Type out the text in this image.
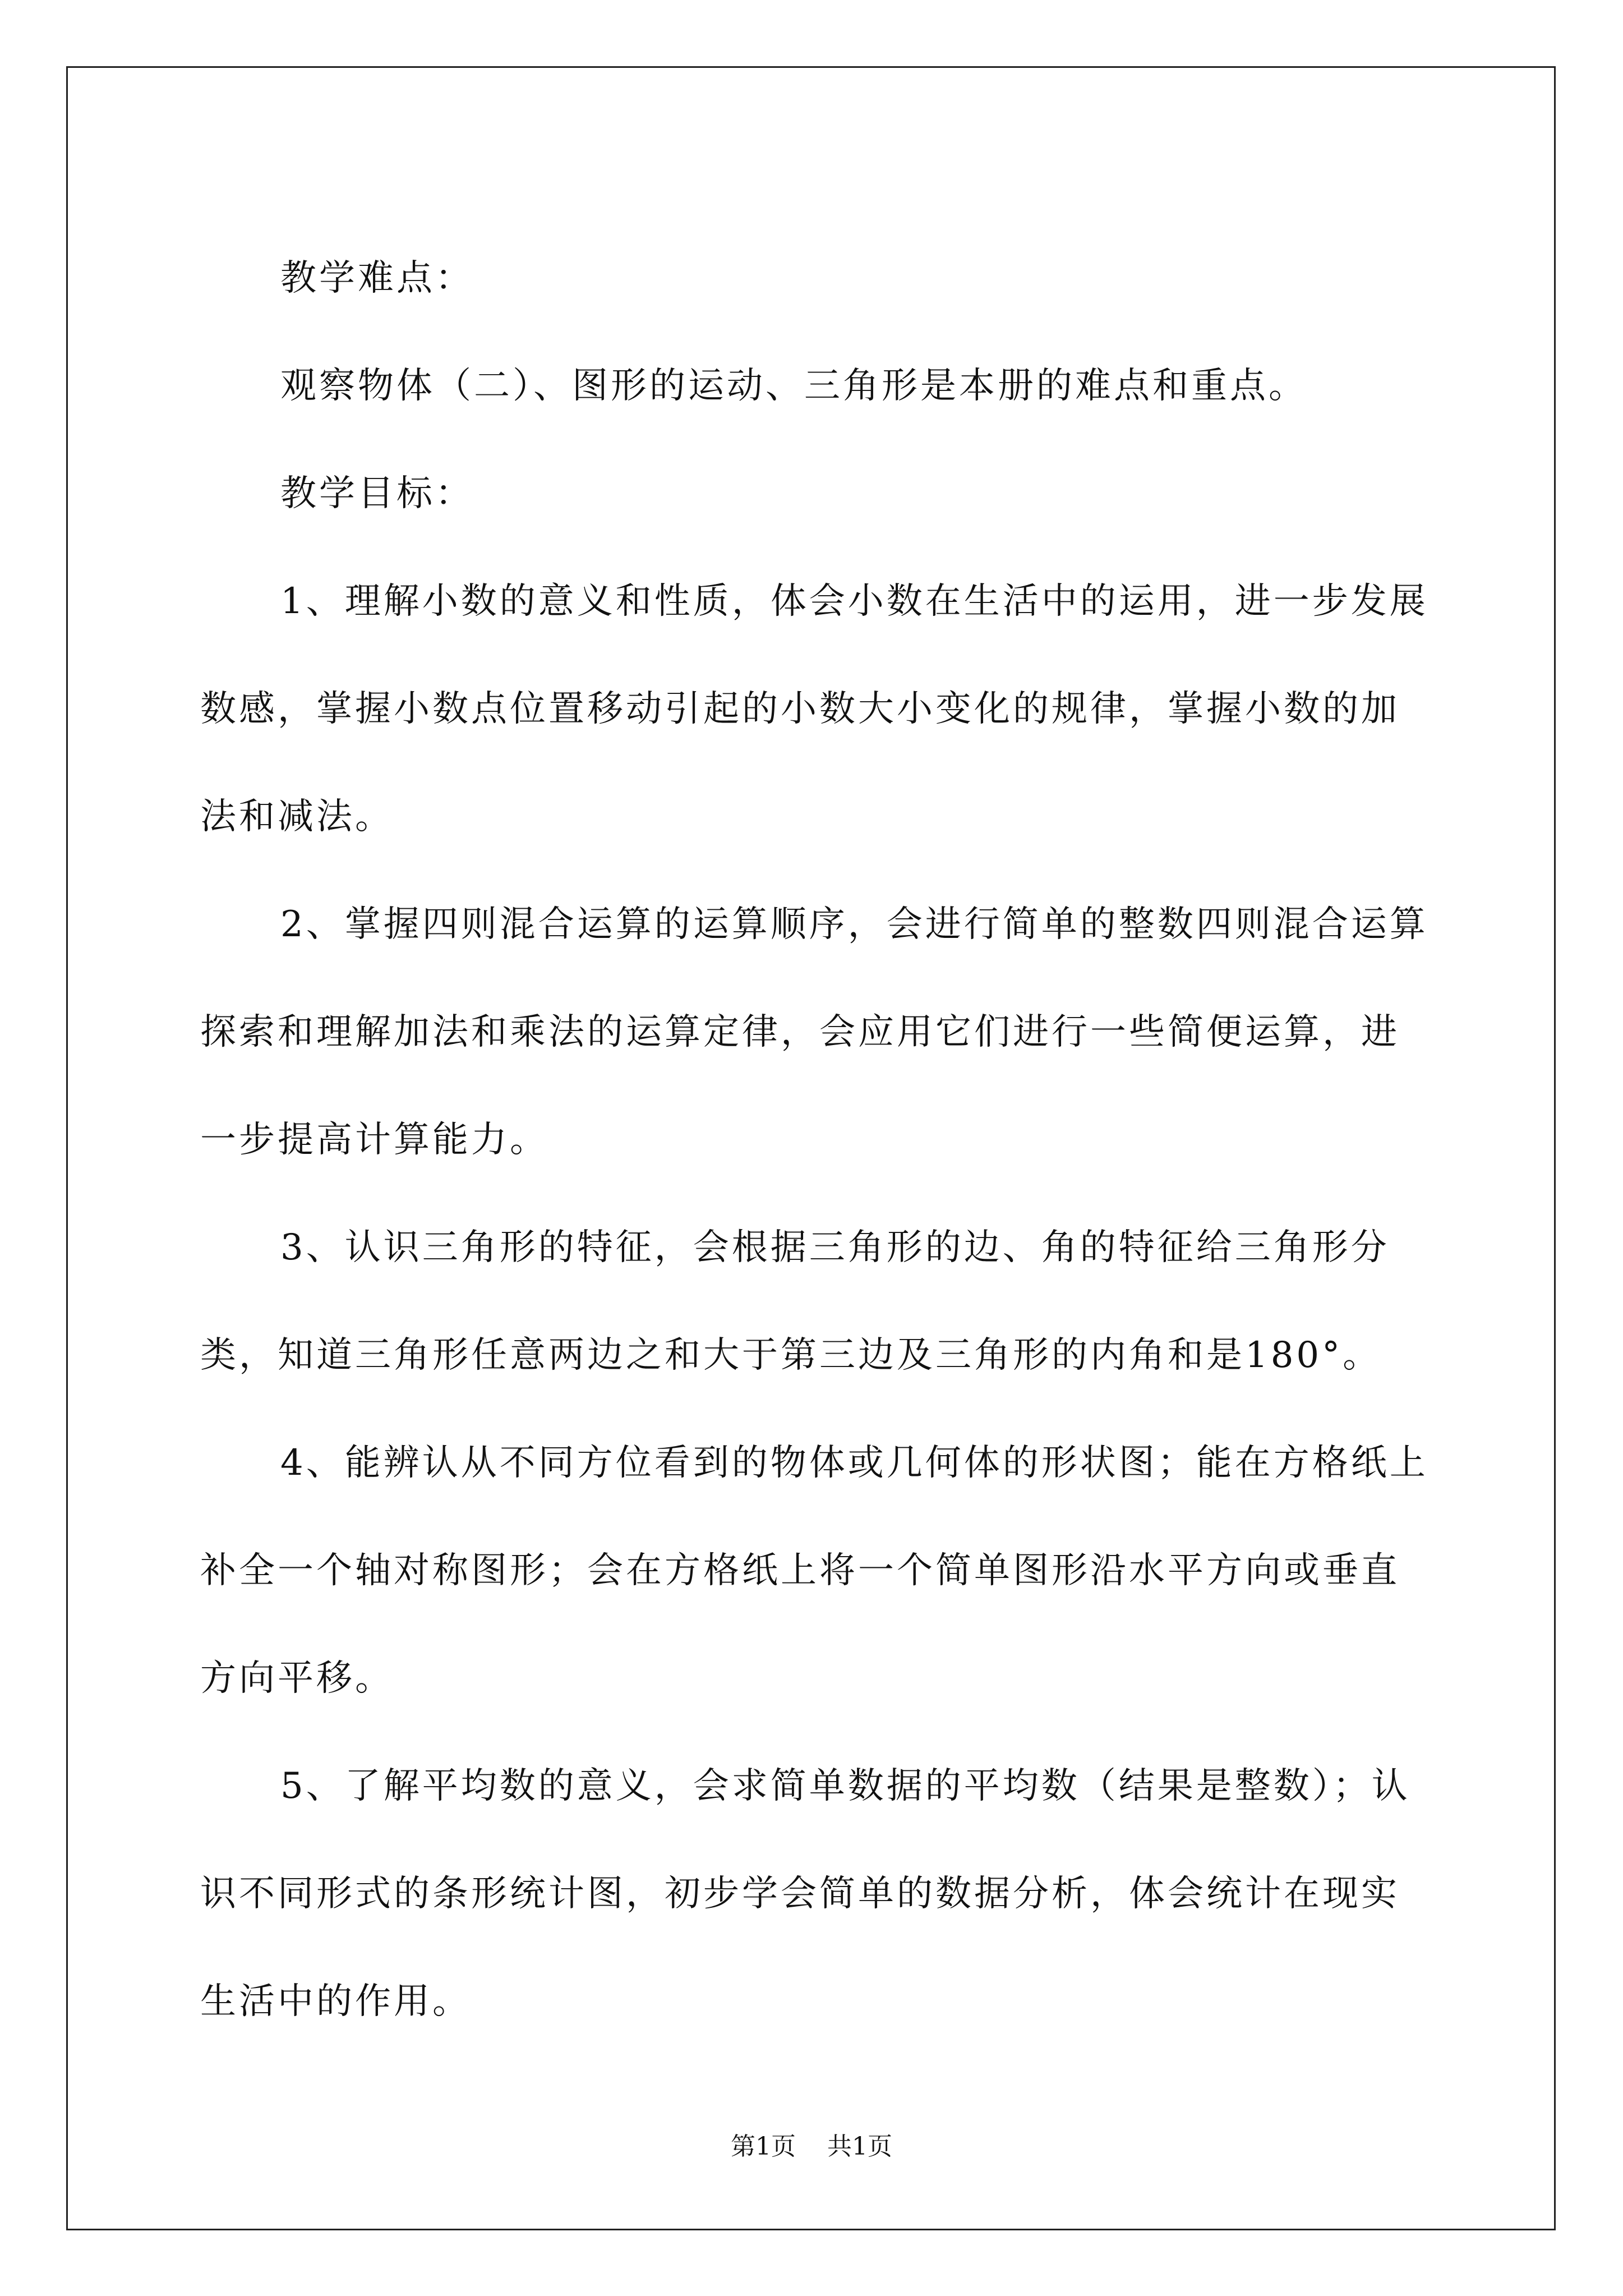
教学难点：

观察物体（二）、图形的运动、三角形是本册的难点和重点。

教学目标：

1、理解小数的意义和性质，体会小数在生活中的运用，进一步发展数感，掌握小数点位置移动引起的小数大小变化的规律，掌握小数的加法和减法。

2、掌握四则混合运算的运算顺序，会进行简单的整数四则混合运算探索和理解加法和乘法的运算定律，会应用它们进行一些简便运算，进一步提高计算能力。

3、认识三角形的特征，会根据三角形的边、角的特征给三角形分类，知道三角形任意两边之和大于第三边及三角形的内角和是180°。

4、能辨认从不同方位看到的物体或几何体的形状图；能在方格纸上补全一个轴对称图形；会在方格纸上将一个简单图形沿水平方向或垂直方向平移。

5、了解平均数的意义，会求简单数据的平均数（结果是整数）；认识不同形式的条形统计图，初步学会简单的数据分析，体会统计在现实生活中的作用。

第1页 共1页
